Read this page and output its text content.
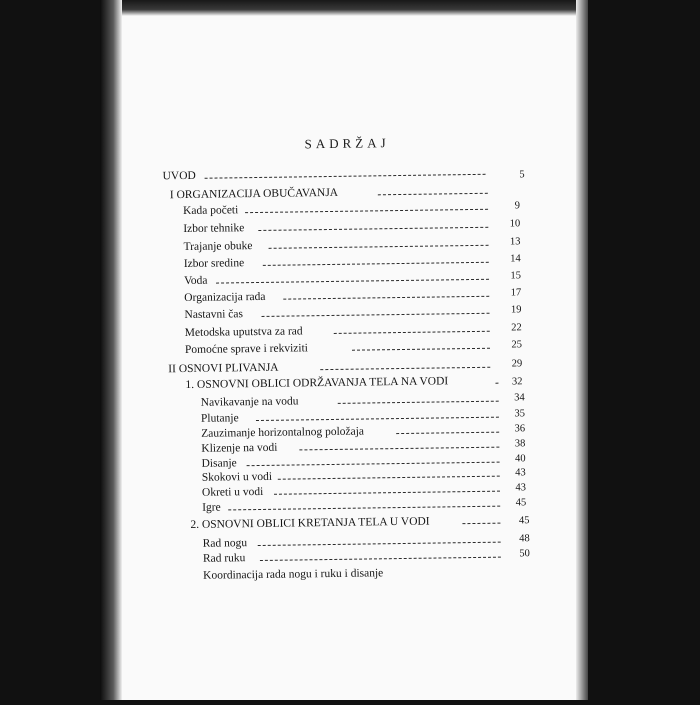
SADRŽAJ
UVOD	5
I ORGANIZACIJA OBUČAVANJA
Kada početi	9
Izbor tehnike	10
Trajanje obuke	13
Izbor sredine	14
Voda	15
Organizacija rada	17
Nastavni čas	19
Metodska uputstva za rad	22
Pomoćne sprave i rekviziti	25
II OSNOVI PLIVANJA	29
1. OSNOVNI OBLICI ODRŽAVANJA TELA NA VODI	32
Navikavanje na vodu	34
Plutanje	35
Zauzimanje horizontalnog položaja	36
Klizenje na vodi	38
Disanje	40
Skokovi u vodi	43
Okreti u vodi	43
Igre	45
2. OSNOVNI OBLICI KRETANJA TELA U VODI	45
Rad nogu	48
Rad ruku	50
Koordinacija rada nogu i ruku i disanje
